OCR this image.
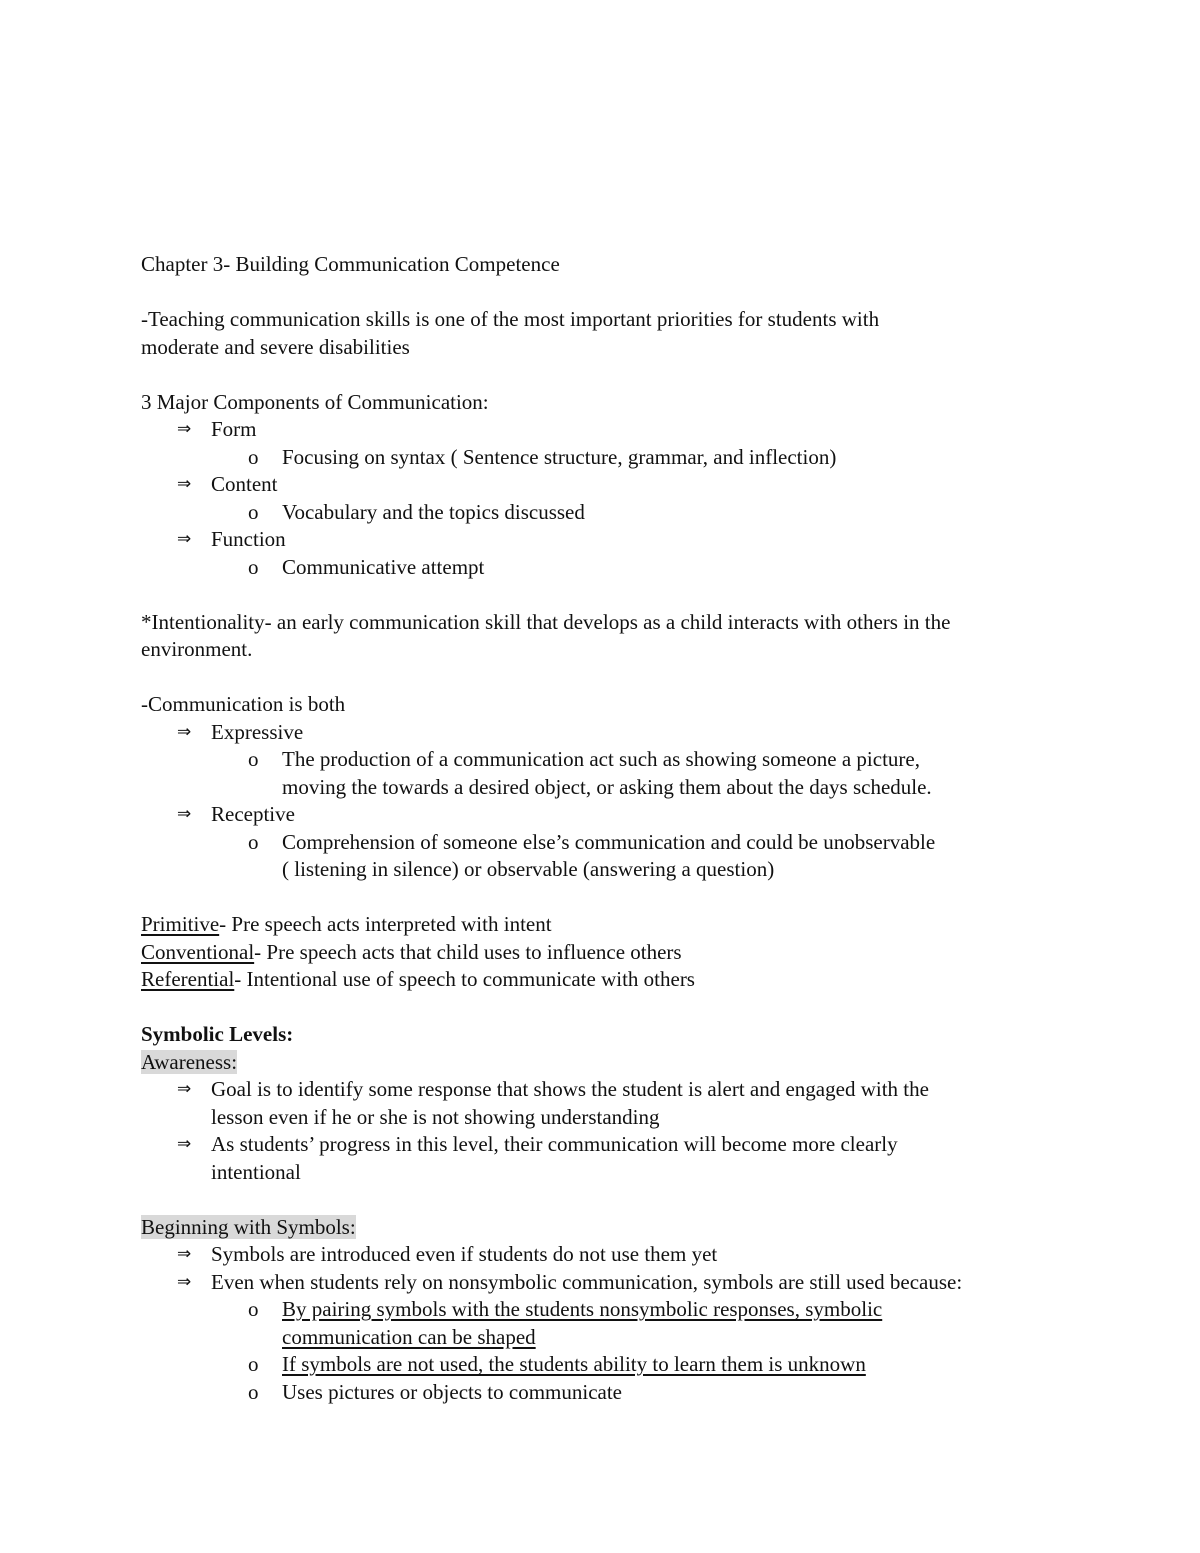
Chapter 3- Building Communication Competence

-Teaching communication skills is one of the most important priorities for students with

moderate and severe disabilities

3 Major Components of Communication:

⇒ Form

o Focusing on syntax ( Sentence structure, grammar, and inflection)

⇒ Content

o Vocabulary and the topics discussed

⇒ Function

o Communicative attempt

*Intentionality- an early communication skill that develops as a child interacts with others in the

environment.

-Communication is both

⇒ Expressive

o The production of a communication act such as showing someone a picture,

moving the towards a desired object, or asking them about the days schedule.

⇒ Receptive

o Comprehension of someone else’s communication and could be unobservable

( listening in silence) or observable (answering a question)

Primitive- Pre speech acts interpreted with intent

Conventional- Pre speech acts that child uses to influence others

Referential- Intentional use of speech to communicate with others

Symbolic Levels:

Awareness:

⇒ Goal is to identify some response that shows the student is alert and engaged with the

lesson even if he or she is not showing understanding

⇒ As students’ progress in this level, their communication will become more clearly

intentional

Beginning with Symbols:

⇒ Symbols are introduced even if students do not use them yet

⇒ Even when students rely on nonsymbolic communication, symbols are still used because:

o By pairing symbols with the students nonsymbolic responses, symbolic

communication can be shaped

o If symbols are not used, the students ability to learn them is unknown

o Uses pictures or objects to communicate
